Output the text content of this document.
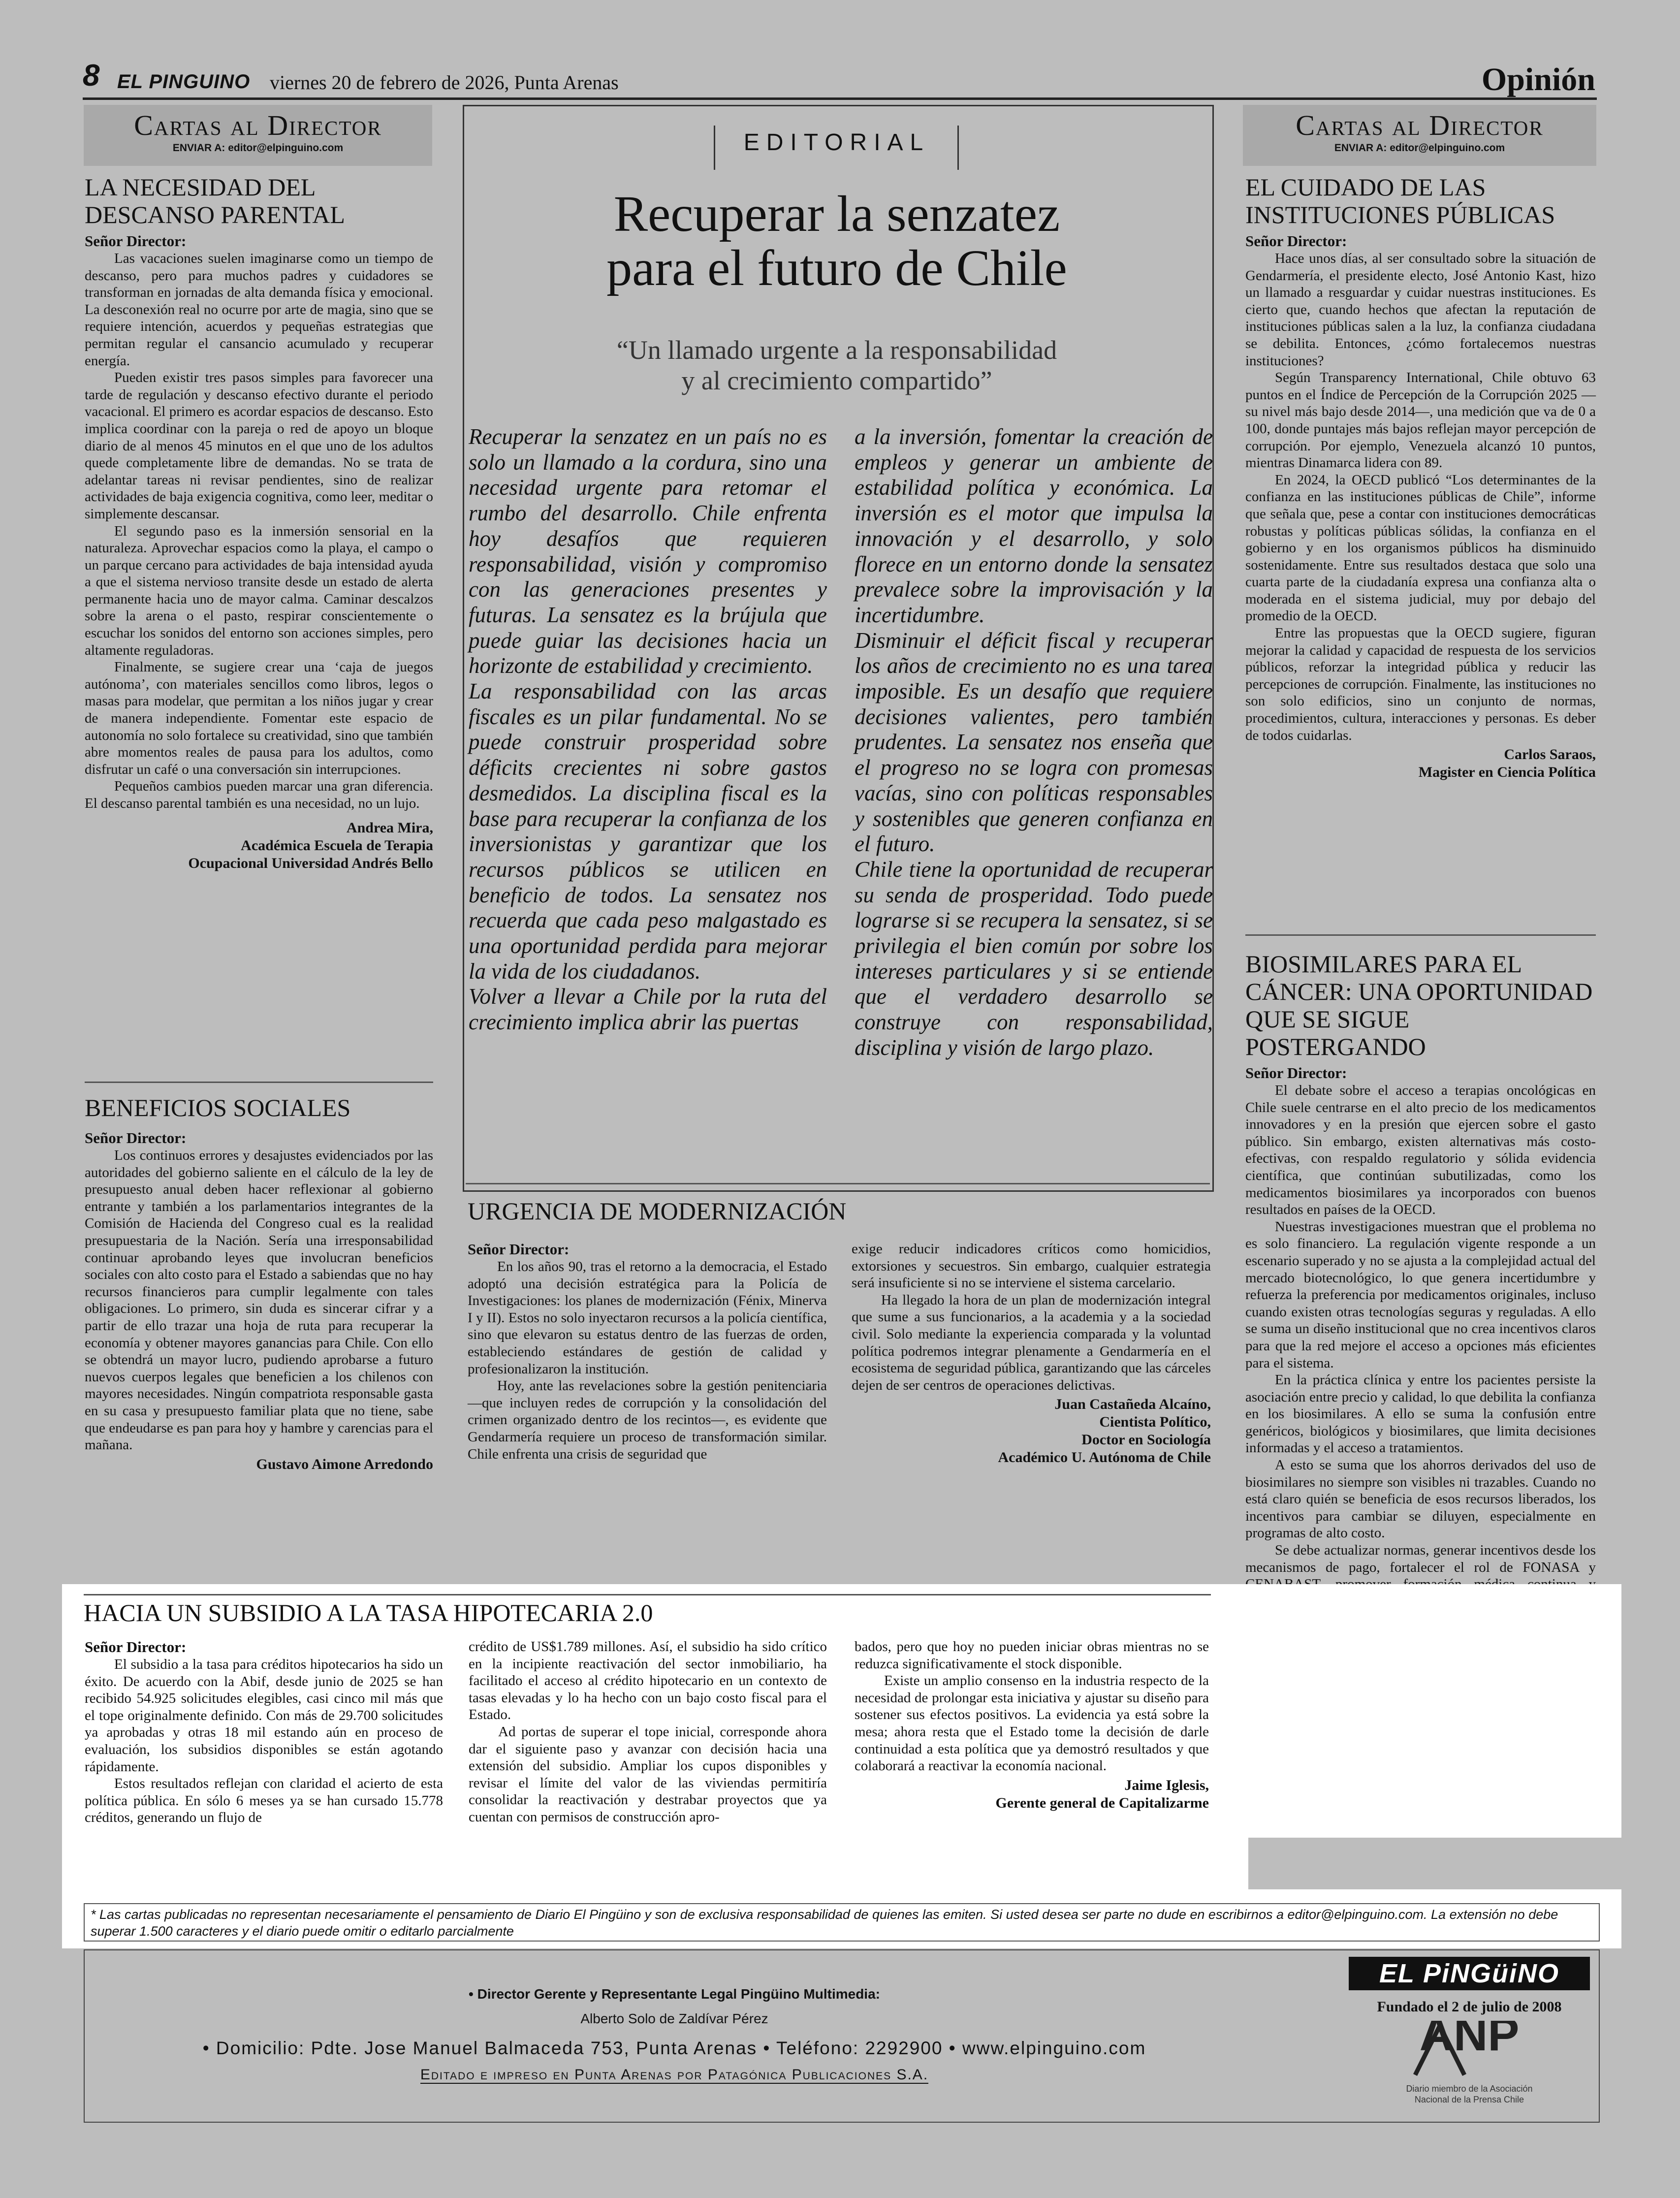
8 EL PINGUINO viernes 20 de febrero de 2026, Punta Arenas	Opinión
Cartas al Director
ENVIAR A: editor@elpinguino.com
LA NECESIDAD DEL DESCANSO PARENTAL
Señor Director:

Las vacaciones suelen imaginarse como un tiempo de descanso, pero para muchos padres y cuidadores se transforman en jornadas de alta demanda física y emocional. La desconexión real no ocurre por arte de magia, sino que se requiere intención, acuerdos y pequeñas estrategias que permitan regular el cansancio acumulado y recuperar energía.

Pueden existir tres pasos simples para favorecer una tarde de regulación y descanso efectivo durante el periodo vacacional. El primero es acordar espacios de descanso. Esto implica coordinar con la pareja o red de apoyo un bloque diario de al menos 45 minutos en el que uno de los adultos quede completamente libre de demandas. No se trata de adelantar tareas ni revisar pendientes, sino de realizar actividades de baja exigencia cognitiva, como leer, meditar o simplemente descansar.

El segundo paso es la inmersión sensorial en la naturaleza. Aprovechar espacios como la playa, el campo o un parque cercano para actividades de baja intensidad ayuda a que el sistema nervioso transite desde un estado de alerta permanente hacia uno de mayor calma. Caminar descalzos sobre la arena o el pasto, respirar conscientemente o escuchar los sonidos del entorno son acciones simples, pero altamente reguladoras.

Finalmente, se sugiere crear una ‘caja de juegos autónoma’, con materiales sencillos como libros, legos o masas para modelar, que permitan a los niños jugar y crear de manera independiente. Fomentar este espacio de autonomía no solo fortalece su creatividad, sino que también abre momentos reales de pausa para los adultos, como disfrutar un café o una conversación sin interrupciones.

Pequeños cambios pueden marcar una gran diferencia. El descanso parental también es una necesidad, no un lujo.

Andrea Mira,
Académica Escuela de Terapia
Ocupacional Universidad Andrés Bello
BENEFICIOS SOCIALES
Señor Director:

Los continuos errores y desajustes evidenciados por las autoridades del gobierno saliente en el cálculo de la ley de presupuesto anual deben hacer reflexionar al gobierno entrante y también a los parlamentarios integrantes de la Comisión de Hacienda del Congreso cual es la realidad presupuestaria de la Nación. Sería una irresponsabilidad continuar aprobando leyes que involucran beneficios sociales con alto costo para el Estado a sabiendas que no hay recursos financieros para cumplir legalmente con tales obligaciones. Lo primero, sin duda es sincerar cifrar y a partir de ello trazar una hoja de ruta para recuperar la economía y obtener mayores ganancias para Chile. Con ello se obtendrá un mayor lucro, pudiendo aprobarse a futuro nuevos cuerpos legales que beneficien a los chilenos con mayores necesidades. Ningún compatriota responsable gasta en su casa y presupuesto familiar plata que no tiene, sabe que endeudarse es pan para hoy y hambre y carencias para el mañana.

Gustavo Aimone Arredondo
EDITORIAL
Recuperar la senzatez
para el futuro de Chile
“Un llamado urgente a la responsabilidad
y al crecimiento compartido”

Recuperar la senzatez en un país no es solo un llamado a la cordura, sino una necesidad urgente para retomar el rumbo del desarrollo. Chile enfrenta hoy desafíos que requieren responsabilidad, visión y compromiso con las generaciones presentes y futuras. La sensatez es la brújula que puede guiar las decisiones hacia un horizonte de estabilidad y crecimiento.

La responsabilidad con las arcas fiscales es un pilar fundamental. No se puede construir prosperidad sobre déficits crecientes ni sobre gastos desmedidos. La disciplina fiscal es la base para recuperar la confianza de los inversionistas y garantizar que los recursos públicos se utilicen en beneficio de todos. La sensatez nos recuerda que cada peso malgastado es una oportunidad perdida para mejorar la vida de los ciudadanos.

Volver a llevar a Chile por la ruta del crecimiento implica abrir las puertas

a la inversión, fomentar la creación de empleos y generar un ambiente de estabilidad política y económica. La inversión es el motor que impulsa la innovación y el desarrollo, y solo florece en un entorno donde la sensatez prevalece sobre la improvisación y la incertidumbre.

Disminuir el déficit fiscal y recuperar los años de crecimiento no es una tarea imposible. Es un desafío que requiere decisiones valientes, pero también prudentes. La sensatez nos enseña que el progreso no se logra con promesas vacías, sino con políticas responsables y sostenibles que generen confianza en el futuro.

Chile tiene la oportunidad de recuperar su senda de prosperidad. Todo puede lograrse si se recupera la sensatez, si se privilegia el bien común por sobre los intereses particulares y si se entiende que el verdadero desarrollo se construye con responsabilidad, disciplina y visión de largo plazo.

URGENCIA DE MODERNIZACIÓN
Señor Director:

En los años 90, tras el retorno a la democracia, el Estado adoptó una decisión estratégica para la Policía de Investigaciones: los planes de modernización (Fénix, Minerva I y II). Estos no solo inyectaron recursos a la policía científica, sino que elevaron su estatus dentro de las fuerzas de orden, estableciendo estándares de gestión de calidad y profesionalizaron la institución.

Hoy, ante las revelaciones sobre la gestión penitenciaria —que incluyen redes de corrupción y la consolidación del crimen organizado dentro de los recintos—, es evidente que Gendarmería requiere un proceso de transformación similar. Chile enfrenta una crisis de seguridad que

exige reducir indicadores críticos como homicidios, extorsiones y secuestros. Sin embargo, cualquier estrategia será insuficiente si no se interviene el sistema carcelario.

Ha llegado la hora de un plan de modernización integral que sume a sus funcionarios, a la academia y a la sociedad civil. Solo mediante la experiencia comparada y la voluntad política podremos integrar plenamente a Gendarmería en el ecosistema de seguridad pública, garantizando que las cárceles dejen de ser centros de operaciones delictivas.

Juan Castañeda Alcaíno,
Cientista Político,
Doctor en Sociología
Académico U. Autónoma de Chile
Cartas al Director
ENVIAR A: editor@elpinguino.com
EL CUIDADO DE LAS INSTITUCIONES PÚBLICAS
Señor Director:

Hace unos días, al ser consultado sobre la situación de Gendarmería, el presidente electo, José Antonio Kast, hizo un llamado a resguardar y cuidar nuestras instituciones. Es cierto que, cuando hechos que afectan la reputación de instituciones públicas salen a la luz, la confianza ciudadana se debilita. Entonces, ¿cómo fortalecemos nuestras instituciones?

Según Transparency International, Chile obtuvo 63 puntos en el Índice de Percepción de la Corrupción 2025 —su nivel más bajo desde 2014—, una medición que va de 0 a 100, donde puntajes más bajos reflejan mayor percepción de corrupción. Por ejemplo, Venezuela alcanzó 10 puntos, mientras Dinamarca lidera con 89.

En 2024, la OECD publicó “Los determinantes de la confianza en las instituciones públicas de Chile”, informe que señala que, pese a contar con instituciones democráticas robustas y políticas públicas sólidas, la confianza en el gobierno y en los organismos públicos ha disminuido sostenidamente. Entre sus resultados destaca que solo una cuarta parte de la ciudadanía expresa una confianza alta o moderada en el sistema judicial, muy por debajo del promedio de la OECD.

Entre las propuestas que la OECD sugiere, figuran mejorar la calidad y capacidad de respuesta de los servicios públicos, reforzar la integridad pública y reducir las percepciones de corrupción. Finalmente, las instituciones no son solo edificios, sino un conjunto de normas, procedimientos, cultura, interacciones y personas. Es deber de todos cuidarlas.

Carlos Saraos,
Magister en Ciencia Política
BIOSIMILARES PARA EL CÁNCER: UNA OPORTUNIDAD QUE SE SIGUE POSTERGANDO
Señor Director:

El debate sobre el acceso a terapias oncológicas en Chile suele centrarse en el alto precio de los medicamentos innovadores y en la presión que ejercen sobre el gasto público. Sin embargo, existen alternativas más costo-efectivas, con respaldo regulatorio y sólida evidencia científica, que continúan subutilizadas, como los medicamentos biosimilares ya incorporados con buenos resultados en países de la OECD.

Nuestras investigaciones muestran que el problema no es solo financiero. La regulación vigente responde a un escenario superado y no se ajusta a la complejidad actual del mercado biotecnológico, lo que genera incertidumbre y refuerza la preferencia por medicamentos originales, incluso cuando existen otras tecnologías seguras y reguladas. A ello se suma un diseño institucional que no crea incentivos claros para que la red mejore el acceso a opciones más eficientes para el sistema.

En la práctica clínica y entre los pacientes persiste la asociación entre precio y calidad, lo que debilita la confianza en los biosimilares. A ello se suma la confusión entre genéricos, biológicos y biosimilares, que limita decisiones informadas y el acceso a tratamientos.

A esto se suma que los ahorros derivados del uso de biosimilares no siempre son visibles ni trazables. Cuando no está claro quién se beneficia de esos recursos liberados, los incentivos para cambiar se diluyen, especialmente en programas de alto costo.

Se debe actualizar normas, generar incentivos desde los mecanismos de pago, fortalecer el rol de FONASA y

HACIA UN SUBSIDIO A LA TASA HIPOTECARIA 2.0
Señor Director:

El subsidio a la tasa para créditos hipotecarios ha sido un éxito. De acuerdo con la Abif, desde junio de 2025 se han recibido 54.925 solicitudes elegibles, casi cinco mil más que el tope originalmente definido. Con más de 29.700 solicitudes ya aprobadas y otras 18 mil estando aún en proceso de evaluación, los subsidios disponibles se están agotando rápidamente.

Estos resultados reflejan con claridad el acierto de esta política pública. En sólo 6 meses ya se han cursado 15.778 créditos, generando un flujo de

crédito de US$1.789 millones. Así, el subsidio ha sido crítico en la incipiente reactivación del sector inmobiliario, ha facilitado el acceso al crédito hipotecario en un contexto de tasas elevadas y lo ha hecho con un bajo costo fiscal para el Estado.

Ad portas de superar el tope inicial, corresponde ahora dar el siguiente paso y avanzar con decisión hacia una extensión del subsidio. Ampliar los cupos disponibles y revisar el límite del valor de las viviendas permitiría consolidar la reactivación y destrabar proyectos que ya cuentan con permisos de construcción apro-

bados, pero que hoy no pueden iniciar obras mientras no se reduzca significativamente el stock disponible.

Existe un amplio consenso en la industria respecto de la necesidad de prolongar esta iniciativa y ajustar su diseño para sostener sus efectos positivos. La evidencia ya está sobre la mesa; ahora resta que el Estado tome la decisión de darle continuidad a esta política que ya demostró resultados y que colaborará a reactivar la economía nacional.

Jaime Iglesis,
Gerente general de Capitalizarme
* Las cartas publicadas no representan necesariamente el pensamiento de Diario El Pingüino y son de exclusiva responsabilidad de quienes las emiten. Si usted desea ser parte no dude en escribirnos a editor@elpinguino.com. La extensión no debe superar 1.500 caracteres y el diario puede omitir o editarlo parcialmente
• Director Gerente y Representante Legal Pingüino Multimedia:
Alberto Solo de Zaldívar Pérez
• Domicilio: Pdte. Jose Manuel Balmaceda 753, Punta Arenas • Teléfono: 2292900 • www.elpinguino.com
Editado e impreso en Punta Arenas por Patagónica Publicaciones S.A.
EL PiNGüiNO
Fundado el 2 de julio de 2008
ANP
Diario miembro de la Asociación
Nacional de la Prensa Chile
